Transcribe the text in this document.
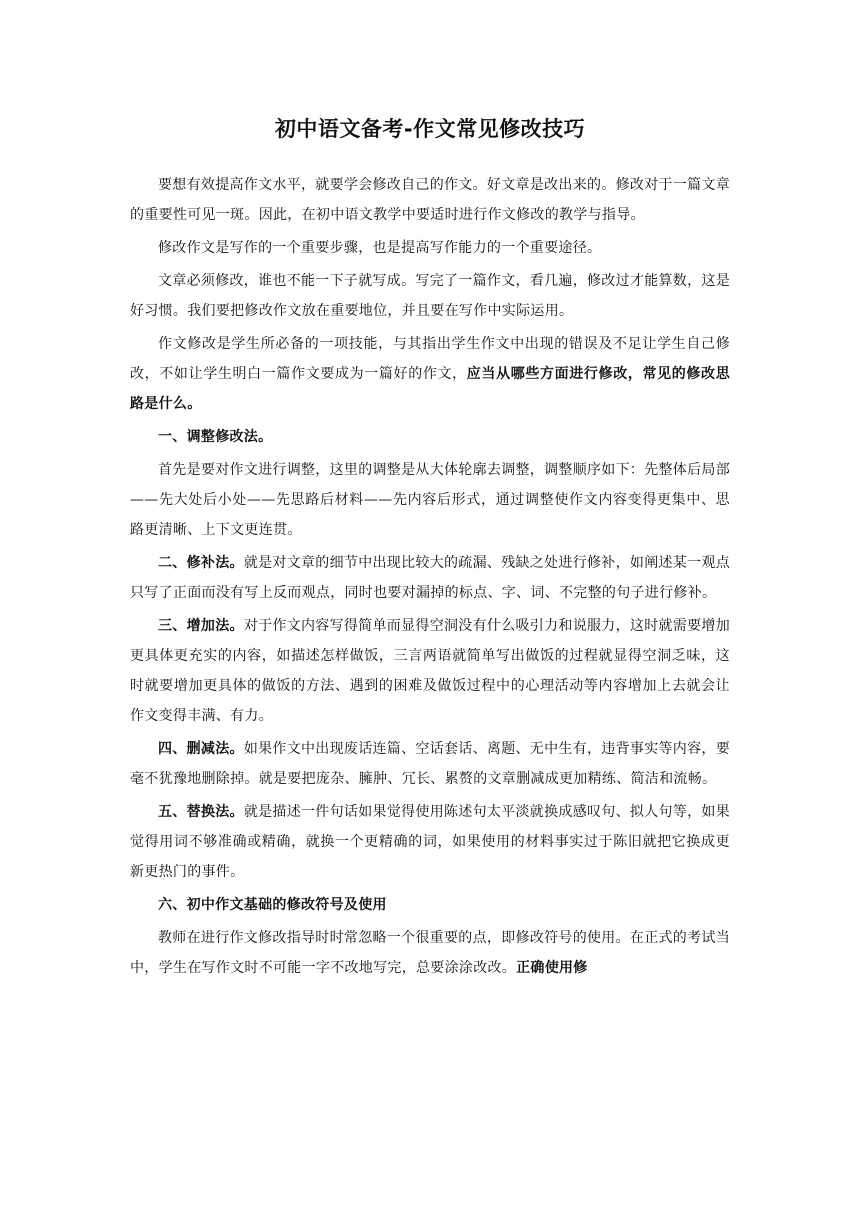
初中语文备考-作文常见修改技巧

要想有效提高作文水平，就要学会修改自己的作文。好文章是改出来的。修改对于一篇文章的重要性可见一斑。因此，在初中语文教学中要适时进行作文修改的教学与指导。

修改作文是写作的一个重要步骤，也是提高写作能力的一个重要途径。

文章必须修改，谁也不能一下子就写成。写完了一篇作文，看几遍，修改过才能算数，这是好习惯。我们要把修改作文放在重要地位，并且要在写作中实际运用。

作文修改是学生所必备的一项技能，与其指出学生作文中出现的错误及不足让学生自己修改，不如让学生明白一篇作文要成为一篇好的作文，应当从哪些方面进行修改，常见的修改思路是什么。

一、调整修改法。

首先是要对作文进行调整，这里的调整是从大体轮廓去调整，调整顺序如下：先整体后局部——先大处后小处——先思路后材料——先内容后形式，通过调整使作文内容变得更集中、思路更清晰、上下文更连贯。

二、修补法。就是对文章的细节中出现比较大的疏漏、残缺之处进行修补，如阐述某一观点只写了正面而没有写上反而观点，同时也要对漏掉的标点、字、词、不完整的句子进行修补。

三、增加法。对于作文内容写得简单而显得空洞没有什么吸引力和说服力，这时就需要增加更具体更充实的内容，如描述怎样做饭，三言两语就简单写出做饭的过程就显得空洞乏味，这时就要增加更具体的做饭的方法、遇到的困难及做饭过程中的心理活动等内容增加上去就会让作文变得丰满、有力。

四、删减法。如果作文中出现废话连篇、空话套话、离题、无中生有，违背事实等内容，要毫不犹豫地删除掉。就是要把庞杂、臃肿、冗长、累赘的文章删减成更加精练、简洁和流畅。

五、替换法。就是描述一件句话如果觉得使用陈述句太平淡就换成感叹句、拟人句等，如果觉得用词不够准确或精确，就换一个更精确的词，如果使用的材料事实过于陈旧就把它换成更新更热门的事件。

六、初中作文基础的修改符号及使用

教师在进行作文修改指导时时常忽略一个很重要的点，即修改符号的使用。在正式的考试当中，学生在写作文时不可能一字不改地写完，总要涂涂改改。正确使用修
